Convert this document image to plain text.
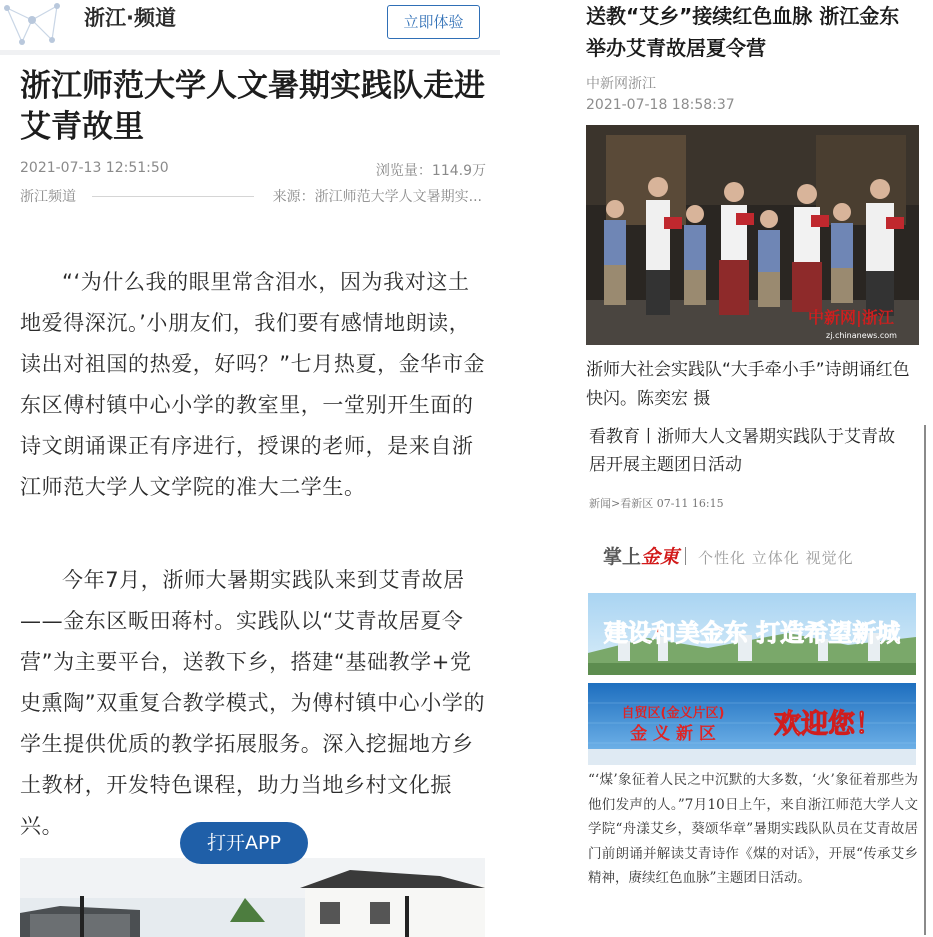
浙江·频道	立即体验
浙江师范大学人文暑期实践队走进艾青故里
2021-07-13 12:51:50	浏览量：114.9万
浙江频道	来源：浙江师范大学人文暑期实...

“‘为什么我的眼里常含泪水，因为我对这土地爱得深沉。’小朋友们，我们要有感情地朗读，读出对祖国的热爱，好吗？”七月热夏，金华市金东区傅村镇中心小学的教室里，一堂别开生面的诗文朗诵课正有序进行，授课的老师，是来自浙江师范大学人文学院的准大二学生。

今年7月，浙师大暑期实践队来到艾青故居——金东区畈田蒋村。实践队以“艾青故居夏令营”为主要平台，送教下乡，搭建“基础教学+党史熏陶”双重复合教学模式，为傅村镇中心小学的学生提供优质的教学拓展服务。深入挖掘地方乡土教材，开发特色课程，助力当地乡村文化振兴。

打开APP
送教“艾乡”接续红色血脉 浙江金东举办艾青故居夏令营
中新网浙江
2021-07-18 18:58:37
中新网|浙江
zj.chinanews.com
浙师大社会实践队“大手牵小手”诗朗诵红色快闪。陈奕宏 摄
看教育丨浙师大人文暑期实践队于艾青故居开展主题团日活动
新闻>看新区 07-11 16:15
掌上金東 个性化 立体化 视觉化
建设和美金东 打造希望新城
自贸区(金义片区)
金 义 新 区 欢迎您！
“‘煤’象征着人民之中沉默的大多数，‘火’象征着那些为他们发声的人。”7月10日上午，来自浙江师范大学人文学院“舟漾艾乡，葵颂华章”暑期实践队队员在艾青故居门前朗诵并解读艾青诗作《煤的对话》，开展“传承艾乡精神，赓续红色血脉”主题团日活动。
